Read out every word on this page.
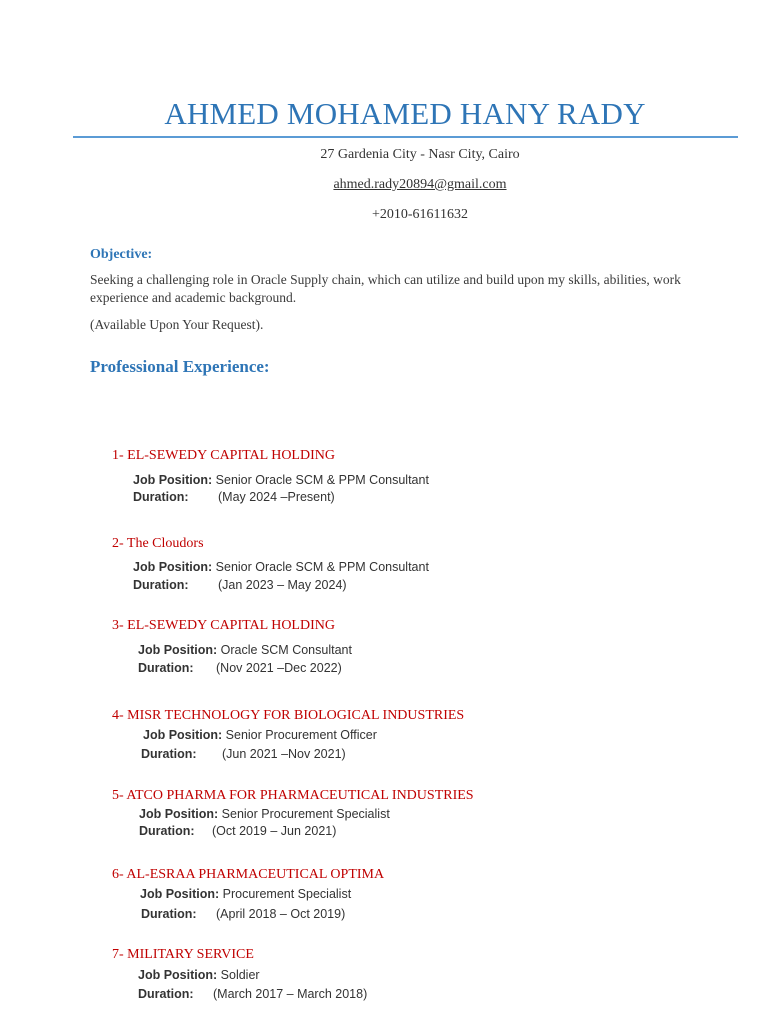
AHMED MOHAMED HANY RADY
27 Gardenia City - Nasr City, Cairo
ahmed.rady20894@gmail.com
+2010-61611632
Objective:
Seeking a challenging role in Oracle Supply chain, which can utilize and build upon my skills, abilities, work experience and academic background.
(Available Upon Your Request).
Professional Experience:
1- EL-SEWEDY CAPITAL HOLDING
Job Position: Senior Oracle SCM & PPM Consultant
Duration: (May 2024 –Present)
2- The Cloudors
Job Position: Senior Oracle SCM & PPM Consultant
Duration: (Jan 2023 – May 2024)
3- EL-SEWEDY CAPITAL HOLDING
Job Position: Oracle SCM Consultant
Duration: (Nov 2021 –Dec 2022)
4- MISR TECHNOLOGY FOR BIOLOGICAL INDUSTRIES
Job Position: Senior Procurement Officer
Duration: (Jun 2021 –Nov 2021)
5- ATCO PHARMA FOR PHARMACEUTICAL INDUSTRIES
Job Position: Senior Procurement Specialist
Duration: (Oct 2019 – Jun 2021)
6- AL-ESRAA PHARMACEUTICAL OPTIMA
Job Position: Procurement Specialist
Duration: (April 2018 – Oct 2019)
7- MILITARY SERVICE
Job Position: Soldier
Duration: (March 2017 – March 2018)
